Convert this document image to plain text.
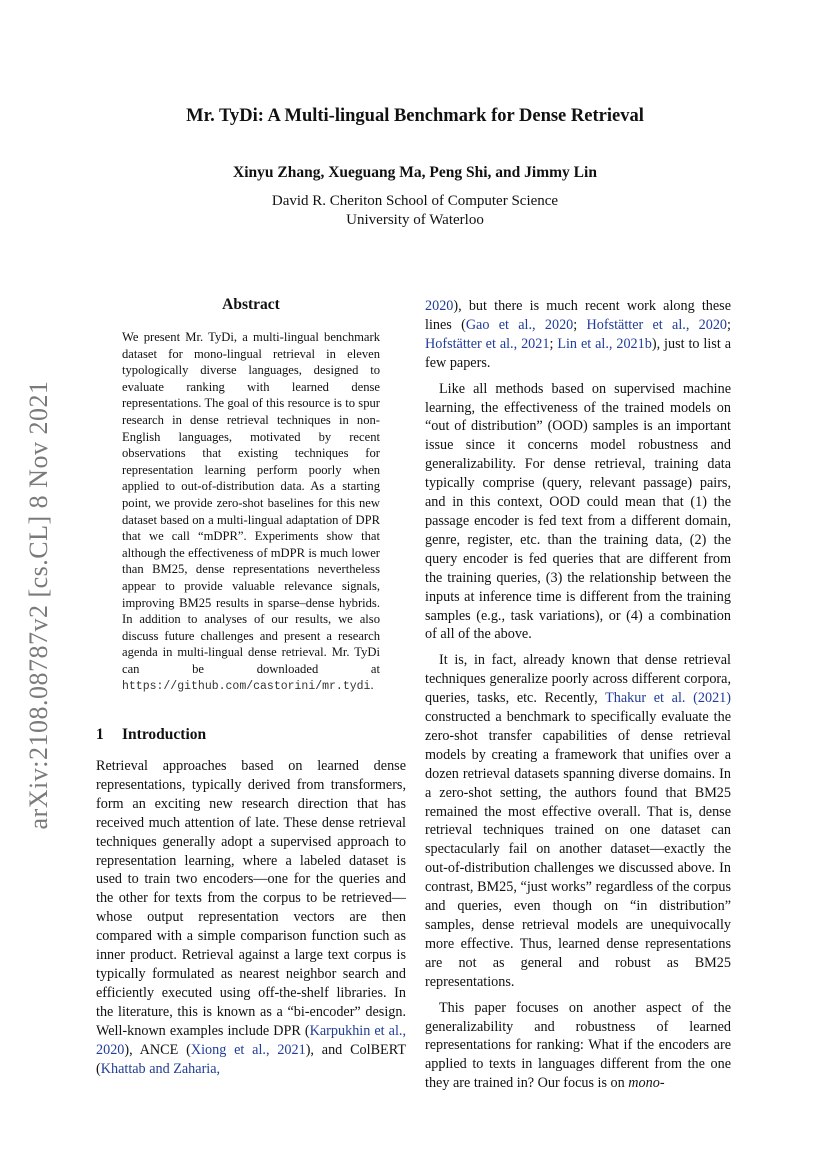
arXiv:2108.08787v2 [cs.CL] 8 Nov 2021
Mr. TyDi: A Multi-lingual Benchmark for Dense Retrieval
Xinyu Zhang, Xueguang Ma, Peng Shi, and Jimmy Lin
David R. Cheriton School of Computer Science
University of Waterloo
Abstract
We present Mr. TyDi, a multi-lingual benchmark dataset for mono-lingual retrieval in eleven typologically diverse languages, designed to evaluate ranking with learned dense representations. The goal of this resource is to spur research in dense retrieval techniques in non-English languages, motivated by recent observations that existing techniques for representation learning perform poorly when applied to out-of-distribution data. As a starting point, we provide zero-shot baselines for this new dataset based on a multi-lingual adaptation of DPR that we call “mDPR”. Experiments show that although the effectiveness of mDPR is much lower than BM25, dense representations nevertheless appear to provide valuable relevance signals, improving BM25 results in sparse–dense hybrids. In addition to analyses of our results, we also discuss future challenges and present a research agenda in multi-lingual dense retrieval. Mr. TyDi can be downloaded at https://github.com/castorini/mr.tydi.
1 Introduction

Retrieval approaches based on learned dense representations, typically derived from transformers, form an exciting new research direction that has received much attention of late. These dense retrieval techniques generally adopt a supervised approach to representation learning, where a labeled dataset is used to train two encoders—one for the queries and the other for texts from the corpus to be retrieved—whose output representation vectors are then compared with a simple comparison function such as inner product. Retrieval against a large text corpus is typically formulated as nearest neighbor search and efficiently executed using off-the-shelf libraries. In the literature, this is known as a “bi-encoder” design. Well-known examples include DPR (Karpukhin et al., 2020), ANCE (Xiong et al., 2021), and ColBERT (Khattab and Zaharia,

2020), but there is much recent work along these lines (Gao et al., 2020; Hofstätter et al., 2020; Hofstätter et al., 2021; Lin et al., 2021b), just to list a few papers.

Like all methods based on supervised machine learning, the effectiveness of the trained models on “out of distribution” (OOD) samples is an important issue since it concerns model robustness and generalizability. For dense retrieval, training data typically comprise (query, relevant passage) pairs, and in this context, OOD could mean that (1) the passage encoder is fed text from a different domain, genre, register, etc. than the training data, (2) the query encoder is fed queries that are different from the training queries, (3) the relationship between the inputs at inference time is different from the training samples (e.g., task variations), or (4) a combination of all of the above.

It is, in fact, already known that dense retrieval techniques generalize poorly across different corpora, queries, tasks, etc. Recently, Thakur et al. (2021) constructed a benchmark to specifically evaluate the zero-shot transfer capabilities of dense retrieval models by creating a framework that unifies over a dozen retrieval datasets spanning diverse domains. In a zero-shot setting, the authors found that BM25 remained the most effective overall. That is, dense retrieval techniques trained on one dataset can spectacularly fail on another dataset—exactly the out-of-distribution challenges we discussed above. In contrast, BM25, “just works” regardless of the corpus and queries, even though on “in distribution” samples, dense retrieval models are unequivocally more effective. Thus, learned dense representations are not as general and robust as BM25 representations.

This paper focuses on another aspect of the generalizability and robustness of learned representations for ranking: What if the encoders are applied to texts in languages different from the one they are trained in? Our focus is on mono-
